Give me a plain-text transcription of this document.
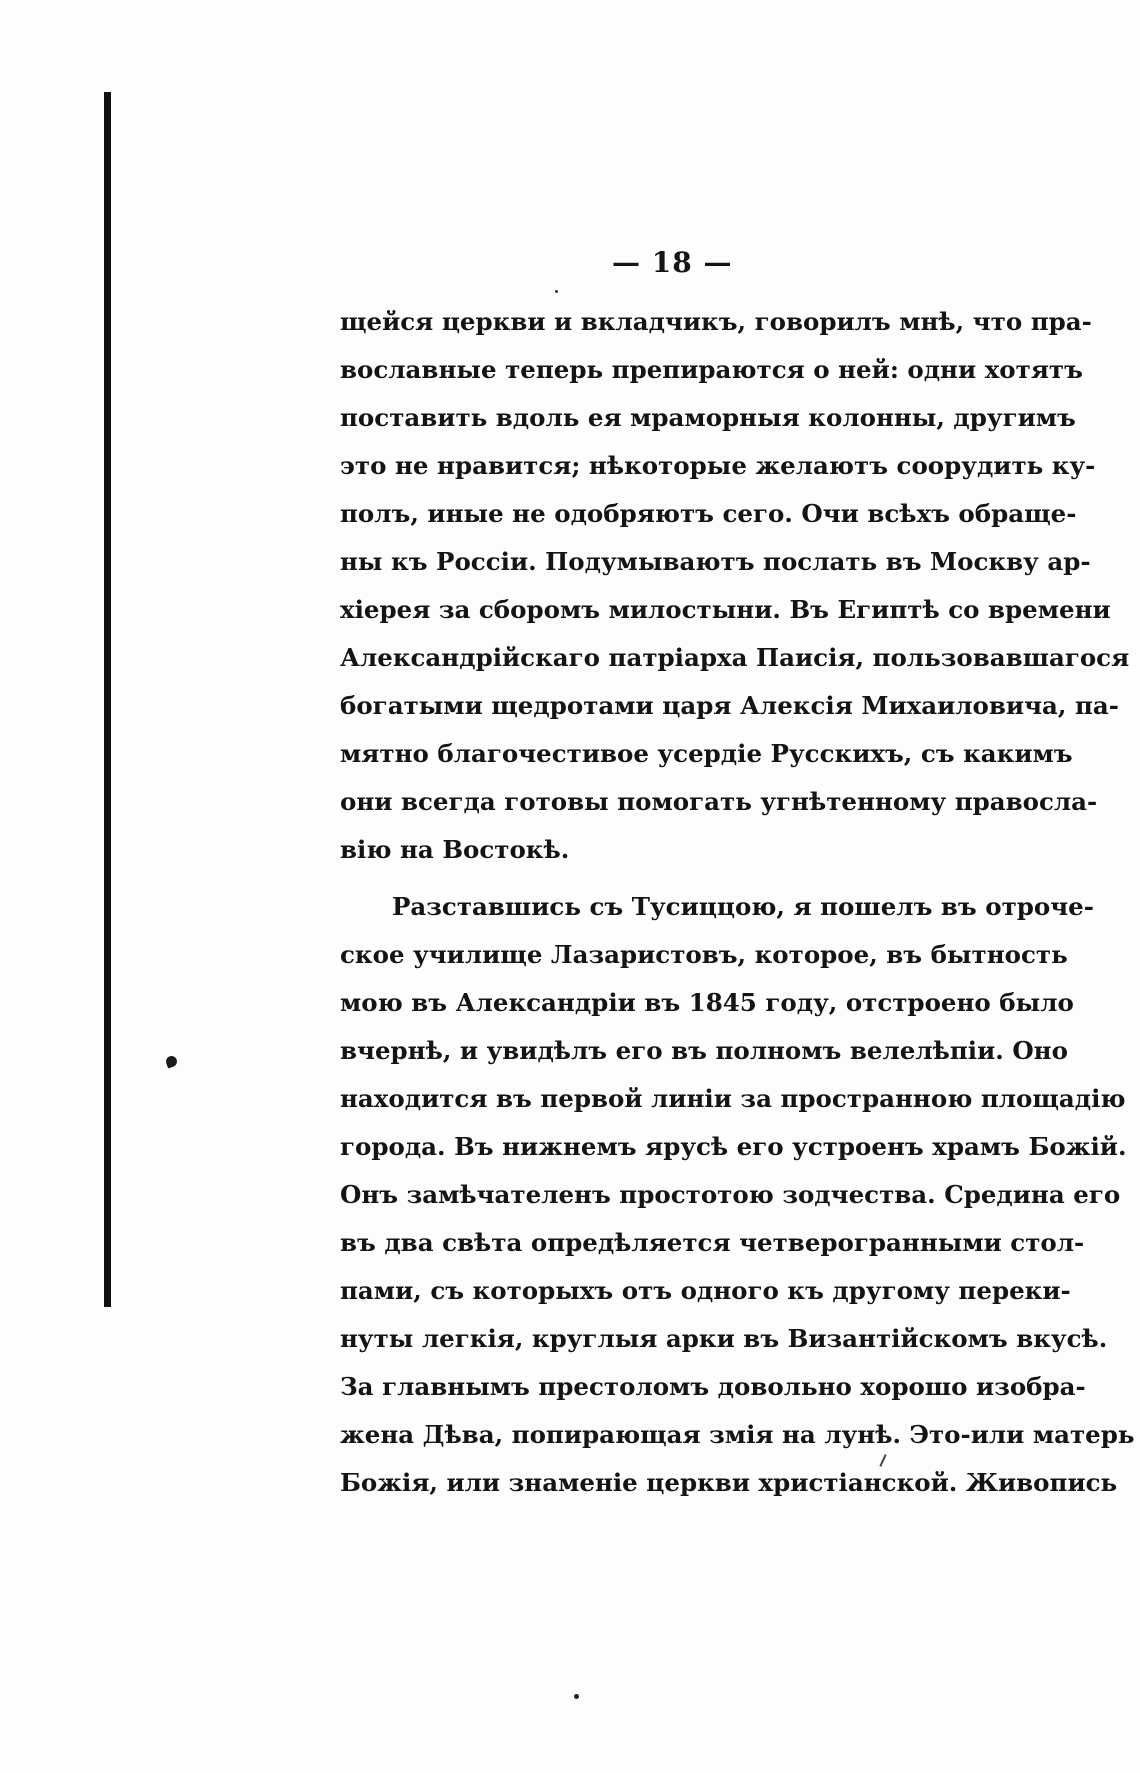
— 18 —
щейся церкви и вкладчикъ, говорилъ мнѣ, что пра-
вославные теперь препираются о ней: одни хотятъ
поставить вдоль ея мраморныя колонны, другимъ
это не нравится; нѣкоторые желаютъ соорудить ку-
полъ, иные не одобряютъ сего. Очи всѣхъ обраще-
ны къ Россіи. Подумываютъ послать въ Москву ар-
хіерея за сборомъ милостыни. Въ Египтѣ со времени
Александрійскаго патріарха Паисія, пользовавшагося
богатыми щедротами царя Алексія Михаиловича, па-
мятно благочестивое усердіе Русскихъ, съ какимъ
они всегда готовы помогать угнѣтенному правосла-
вію на Востокѣ.
Разставшись съ Тусиццою, я пошелъ въ отроче-
ское училище Лазаристовъ, которое, въ бытность
мою въ Александріи въ 1845 году, отстроено было
вчернѣ, и увидѣлъ его въ полномъ велелѣпіи. Оно
находится въ первой линіи за пространною площадію
города. Въ нижнемъ ярусѣ его устроенъ храмъ Божій.
Онъ замѣчателенъ простотою зодчества. Средина его
въ два свѣта опредѣляется четверогранными стол-
пами, съ которыхъ отъ одного къ другому переки-
нуты легкія, круглыя арки въ Византійскомъ вкусѣ.
За главнымъ престоломъ довольно хорошо изобра-
жена Дѣва, попирающая змія на лунѣ. Это-или матерь
Божія, или знаменіе церкви христіанской. Живопись
